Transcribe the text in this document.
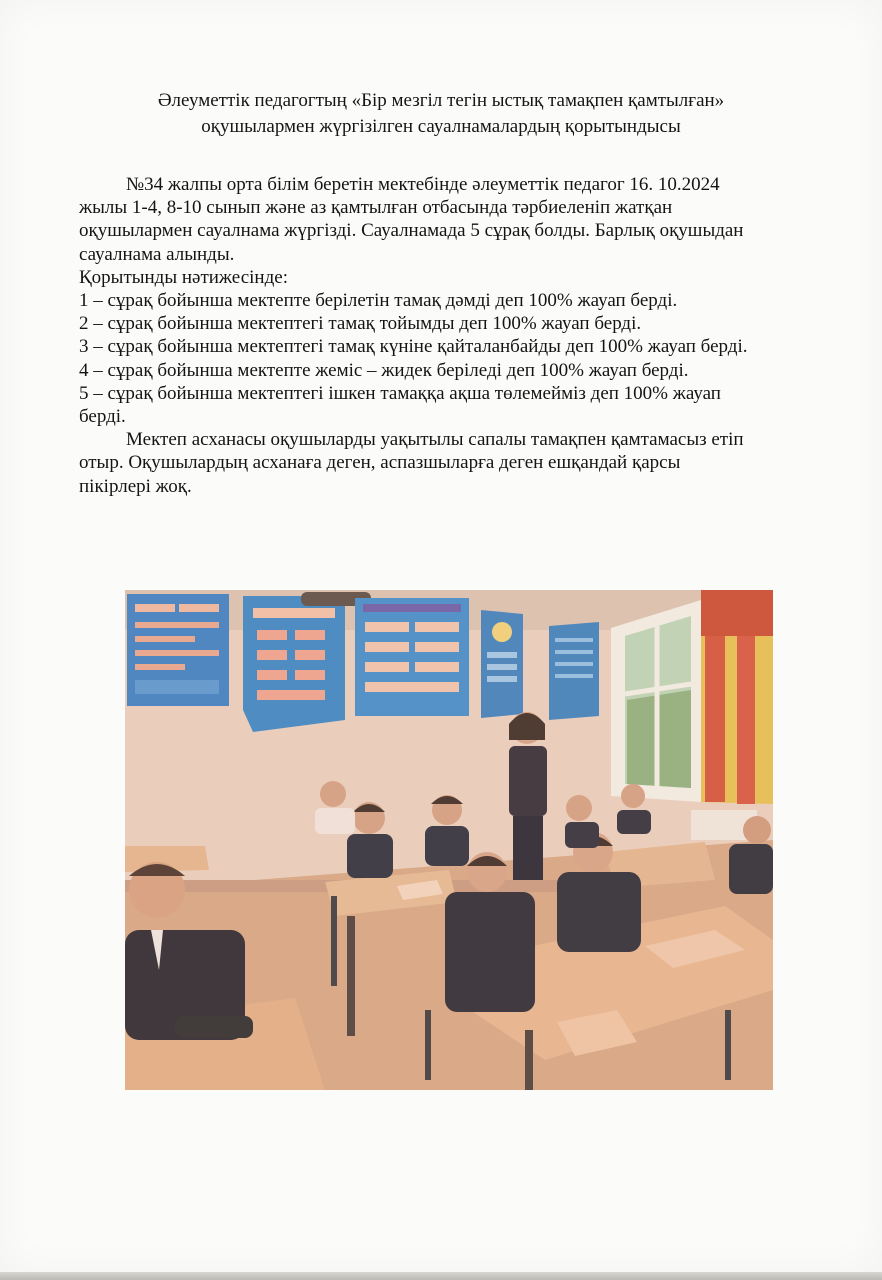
Әлеуметтік педагогтың «Бір мезгіл тегін ыстық тамақпен қамтылған»
оқушылармен жүргізілген сауалнамалардың қорытындысы
№34 жалпы орта білім беретін мектебінде әлеуметтік педагог 16. 10.2024
жылы 1-4, 8-10 сынып және аз қамтылған отбасында тәрбиеленіп жатқан
оқушылармен сауалнама жүргізді. Сауалнамада 5 сұрақ болды. Барлық оқушыдан
сауалнама алынды.
Қорытынды нәтижесінде:
1 – сұрақ бойынша мектепте берілетін тамақ дәмді деп 100% жауап берді.
2 – сұрақ бойынша мектептегі тамақ тойымды деп 100% жауап берді.
3 – сұрақ бойынша мектептегі тамақ күніне қайталанбайды деп 100% жауап берді.
4 – сұрақ бойынша мектепте жеміс – жидек беріледі деп 100% жауап берді.
5 – сұрақ бойынша мектептегі ішкен тамаққа ақша төлемейміз деп 100% жауап
берді.
Мектеп асханасы оқушыларды уақытылы сапалы тамақпен қамтамасыз етіп
отыр. Оқушылардың асханаға деген, аспазшыларға деген ешқандай қарсы
пікірлері жоқ.
